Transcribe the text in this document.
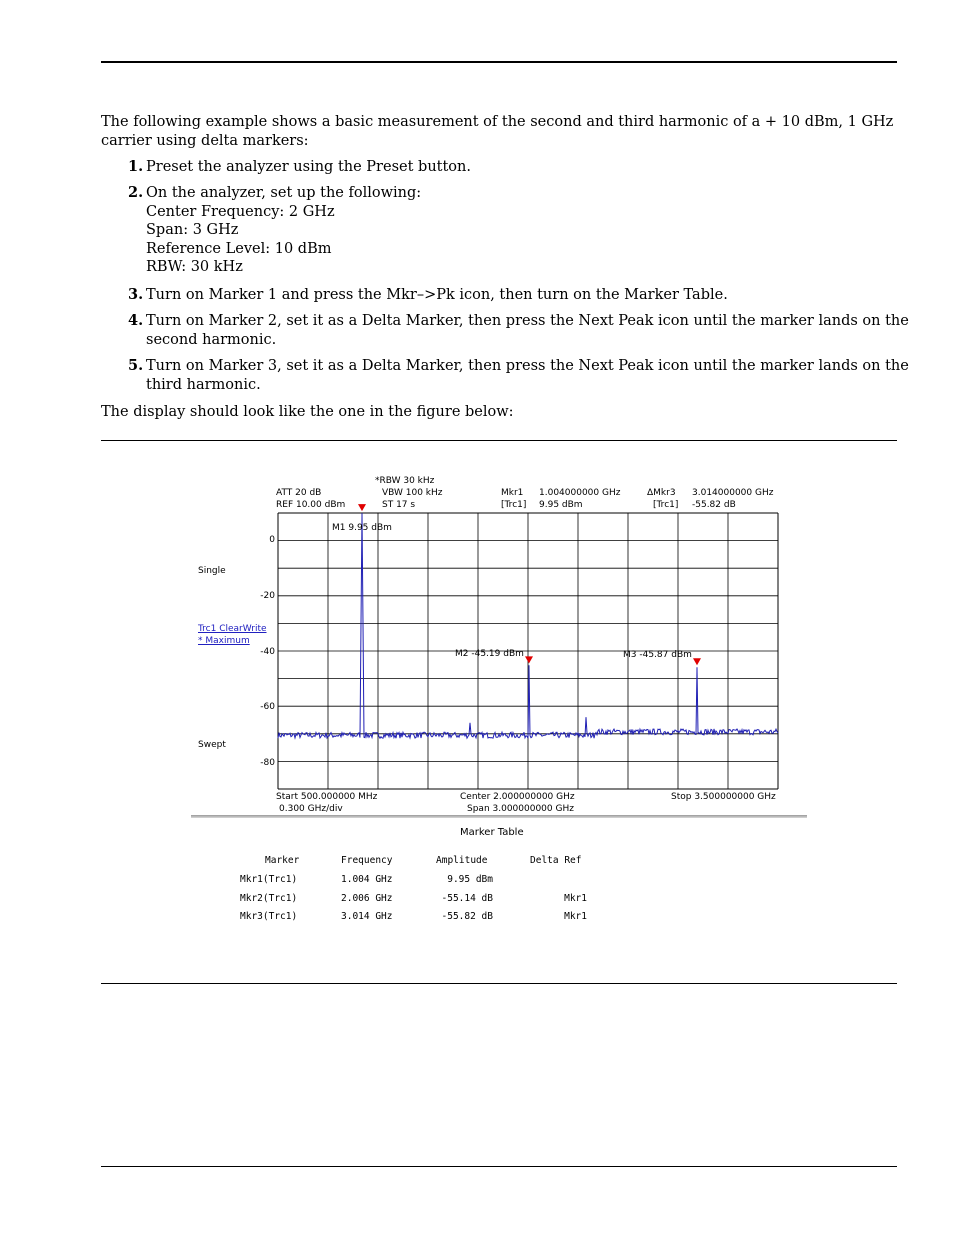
The following example shows a basic measurement of the second and third harmonic of a + 10 dBm, 1 GHz carrier using delta markers:
1. Preset the analyzer using the Preset button.
2. On the analyzer, set up the following:
Center Frequency: 2 GHz
Span: 3 GHz
Reference Level: 10 dBm
RBW: 30 kHz
3. Turn on Marker 1 and press the Mkr–>Pk icon, then turn on the Marker Table.
4. Turn on Marker 2, set it as a Delta Marker, then press the Next Peak icon until the marker lands on the
second harmonic.
5. Turn on Marker 3, set it as a Delta Marker, then press the Next Peak icon until the marker lands on the
third harmonic.
The display should look like the one in the figure below:
*RBW 30 kHz
ATT 20 dB	VBW 100 kHz
REF 10.00 dBm	ST 17 s
Mkr1 1.004000000 GHz
[Trc1] 9.95 dBm
ΔMkr3 3.014000000 GHz
[Trc1] -55.82 dB
Single
Trc1 ClearWrite
* Maximum
Swept
0
-20
-40
-60
-80
M1 9.95 dBm
M2 -45.19 dBm	M3 -45.87 dBm
Start 500.000000 MHz
0.300 GHz/div
Center 2.000000000 GHz
Span 3.000000000 GHz
Stop 3.500000000 GHz
Marker Table
Marker	Frequency	Amplitude	Delta Ref
Mkr1(Trc1)	1.004 GHz	9.95 dBm
Mkr2(Trc1)	2.006 GHz	-55.14 dB	Mkr1
Mkr3(Trc1)	3.014 GHz	-55.82 dB	Mkr1
